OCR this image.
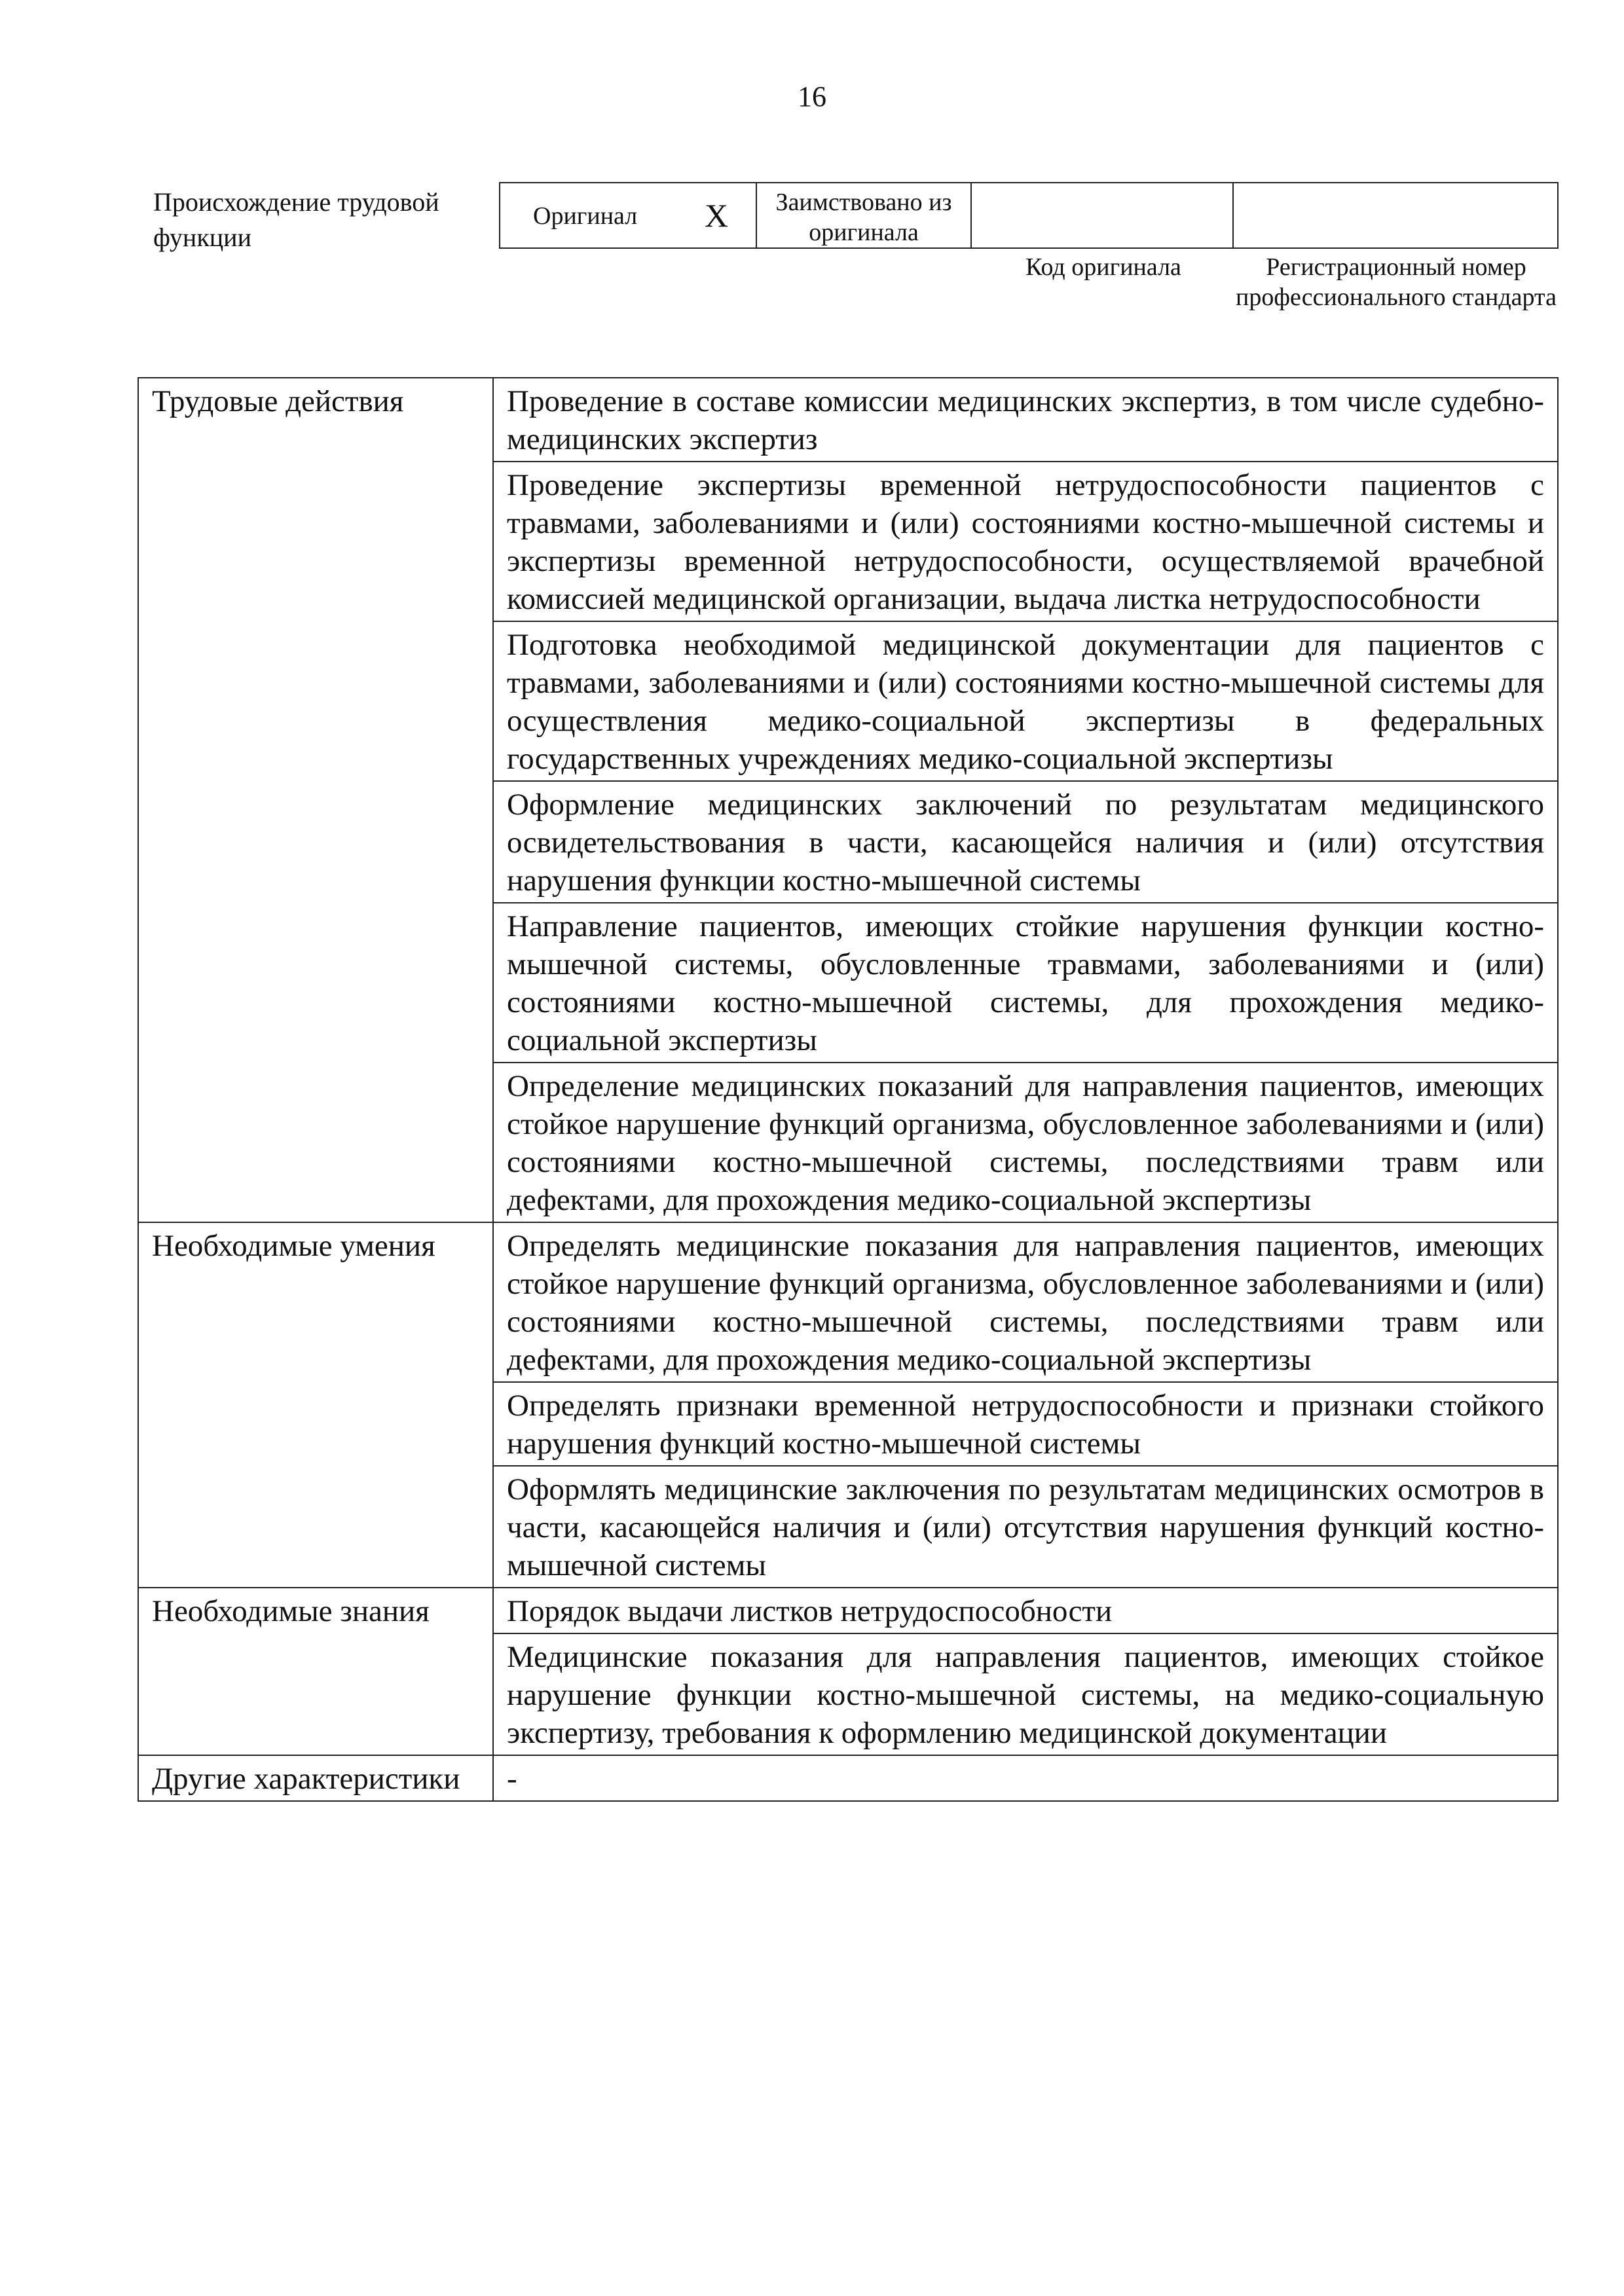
16
Происхождение трудовой функции
Оригинал X	Заимствовано из оригинала
Код оригинала	Регистрационный номер профессионального стандарта
Трудовые действия	Проведение в составе комиссии медицинских экспертиз, в том числе судебно-медицинских экспертиз
	Проведение экспертизы временной нетрудоспособности пациентов с травмами, заболеваниями и (или) состояниями костно-мышечной системы и экспертизы временной нетрудоспособности, осуществляемой врачебной комиссией медицинской организации, выдача листка нетрудоспособности
	Подготовка необходимой медицинской документации для пациентов с травмами, заболеваниями и (или) состояниями костно-мышечной системы для осуществления медико-социальной экспертизы в федеральных государственных учреждениях медико-социальной экспертизы
	Оформление медицинских заключений по результатам медицинского освидетельствования в части, касающейся наличия и (или) отсутствия нарушения функции костно-мышечной системы
	Направление пациентов, имеющих стойкие нарушения функции костно-мышечной системы, обусловленные травмами, заболеваниями и (или) состояниями костно-мышечной системы, для прохождения медико-социальной экспертизы
	Определение медицинских показаний для направления пациентов, имеющих стойкое нарушение функций организма, обусловленное заболеваниями и (или) состояниями костно-мышечной системы, последствиями травм или дефектами, для прохождения медико-социальной экспертизы
Необходимые умения	Определять медицинские показания для направления пациентов, имеющих стойкое нарушение функций организма, обусловленное заболеваниями и (или) состояниями костно-мышечной системы, последствиями травм или дефектами, для прохождения медико-социальной экспертизы
	Определять признаки временной нетрудоспособности и признаки стойкого нарушения функций костно-мышечной системы
	Оформлять медицинские заключения по результатам медицинских осмотров в части, касающейся наличия и (или) отсутствия нарушения функций костно-мышечной системы
Необходимые знания	Порядок выдачи листков нетрудоспособности
	Медицинские показания для направления пациентов, имеющих стойкое нарушение функции костно-мышечной системы, на медико-социальную экспертизу, требования к оформлению медицинской документации
Другие характеристики	-
